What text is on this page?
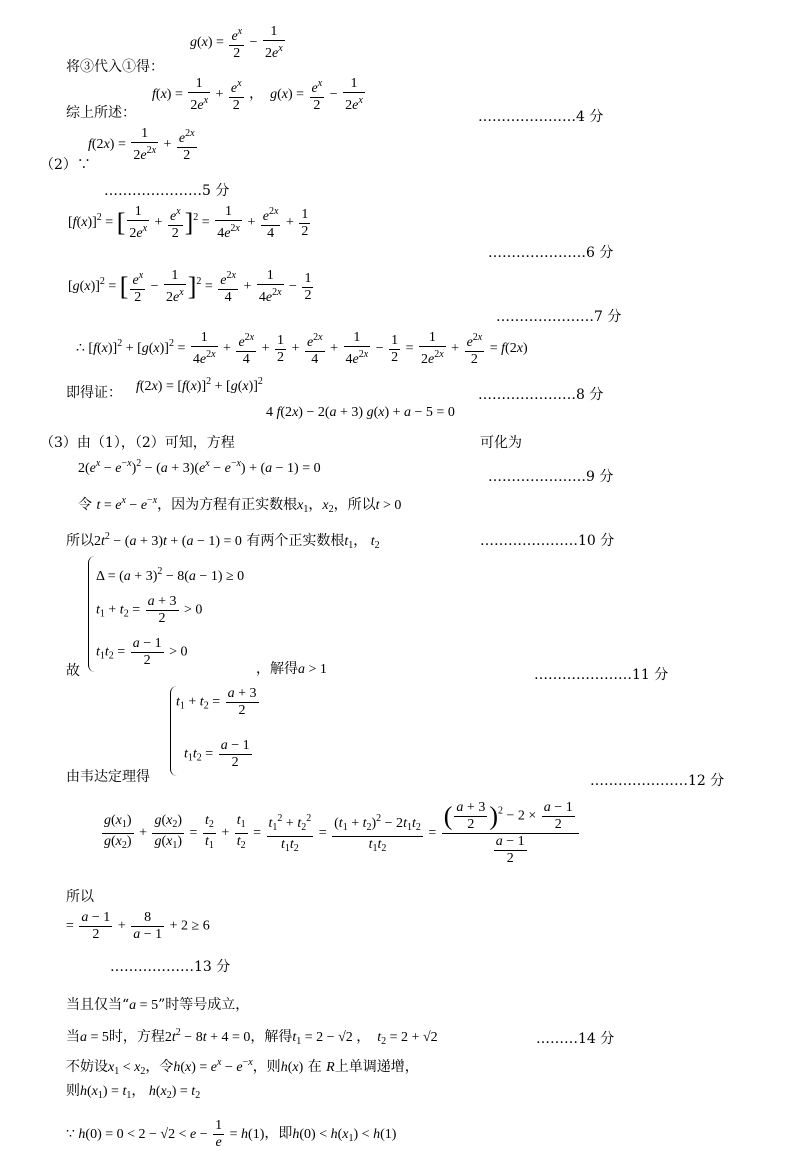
将③代入①得：
$g(x) = \frac{e^x}{2} - \frac{1}{2e^x}$
$f(x) = \frac{1}{2e^x} + \frac{e^x}{2}$ ，  $g(x) = \frac{e^x}{2} - \frac{1}{2e^x}$
综上所述：	…………………4 分
$f(2x) = \frac{1}{2e^{2x}} + \frac{e^{2x}}{2}$
（2）∵
…………………5 分
$[f(x)]^2$ = [ $\frac{1}{2e^x} + \frac{e^x}{2} ]^2 = \frac{1}{4e^{2x}} + \frac{e^{2x}}{4} + \frac{1}{2}$
…………………6 分
$[g(x)]^2$ = [ $\frac{e^x}{2} - \frac{1}{2e^x} ]^2 = \frac{e^{2x}}{4} + \frac{1}{4e^{2x}} - \frac{1}{2}$
…………………7 分
∴ $[f(x)]^2 + [g(x)]^2 = \frac{1}{4e^{2x}} + \frac{e^{2x}}{4} + \frac{1}{2} + \frac{e^{2x}}{4} + \frac{1}{4e^{2x}} - \frac{1}{2} = \frac{1}{2e^{2x}} + \frac{e^{2x}}{2} = f(2x)$
即得证： $f(2x) = [f(x)]^2 + [g(x)]^2$
…………………8 分
4 f(2x) − 2(a + 3) g(x) + a − 5 = 0
（3）由（1），（2）可知，方程	可化为
$2(e^x - e^{-x})^2 - (a + 3)(e^x - e^{-x}) + (a - 1) = 0$
…………………9 分
令 $t = e^x - e^{-x}$，因为方程有正实数根$x_1$，$x_2$，所以t > 0
所以$2t^2 - (a + 3)t + (a - 1) = 0$ 有两个正实数根$t_1$， $t_2$	…………………10 分
$\Delta = (a + 3)^2 - 8(a - 1) \ge 0$
$t_1 + t_2 = \frac{a + 3}{2} > 0$
$t_1t_2 = \frac{a - 1}{2} > 0$
故	，解得a > 1	…………………11 分
$t_1 + t_2 = \frac{a + 3}{2}$
$t_1t_2 = \frac{a - 1}{2}$
由韦达定理得	…………………12 分
$\frac{g(x_1)}{g(x_2)} + \frac{g(x_2)}{g(x_1)} = \frac{t_2}{t_1} + \frac{t_1}{t_2} = \frac{t_1^2 + t_2^2}{t_1t_2} = \frac{(t_1 + t_2)^2 - 2t_1t_2}{t_1t_2} = \frac{( \frac{a + 3}{2} )^2 - 2 \times \frac{a - 1}{2}}{\frac{a - 1}{2}}$
所以
= $\frac{a - 1}{2} + \frac{8}{a - 1} + 2 \ge 6$
………………13 分
当且仅当“a = 5”时等号成立，
当a = 5时，方程$2t^2 - 8t + 4 = 0$，解得$t_1 = 2 - √2$ ，  $t_2 = 2 + √2$	………14 分
不妨设$x_1 < x_2$，令$h(x) = e^x - e^{-x}$，则h(x) 在 R上单调递增，
则$h(x_1) = t_1$， $h(x_2) = t_2$
∵ $h(0) = 0 < 2 - √2 < e - \frac{1}{e} = h(1)$，即$h(0) < h(x_1) < h(1)$
